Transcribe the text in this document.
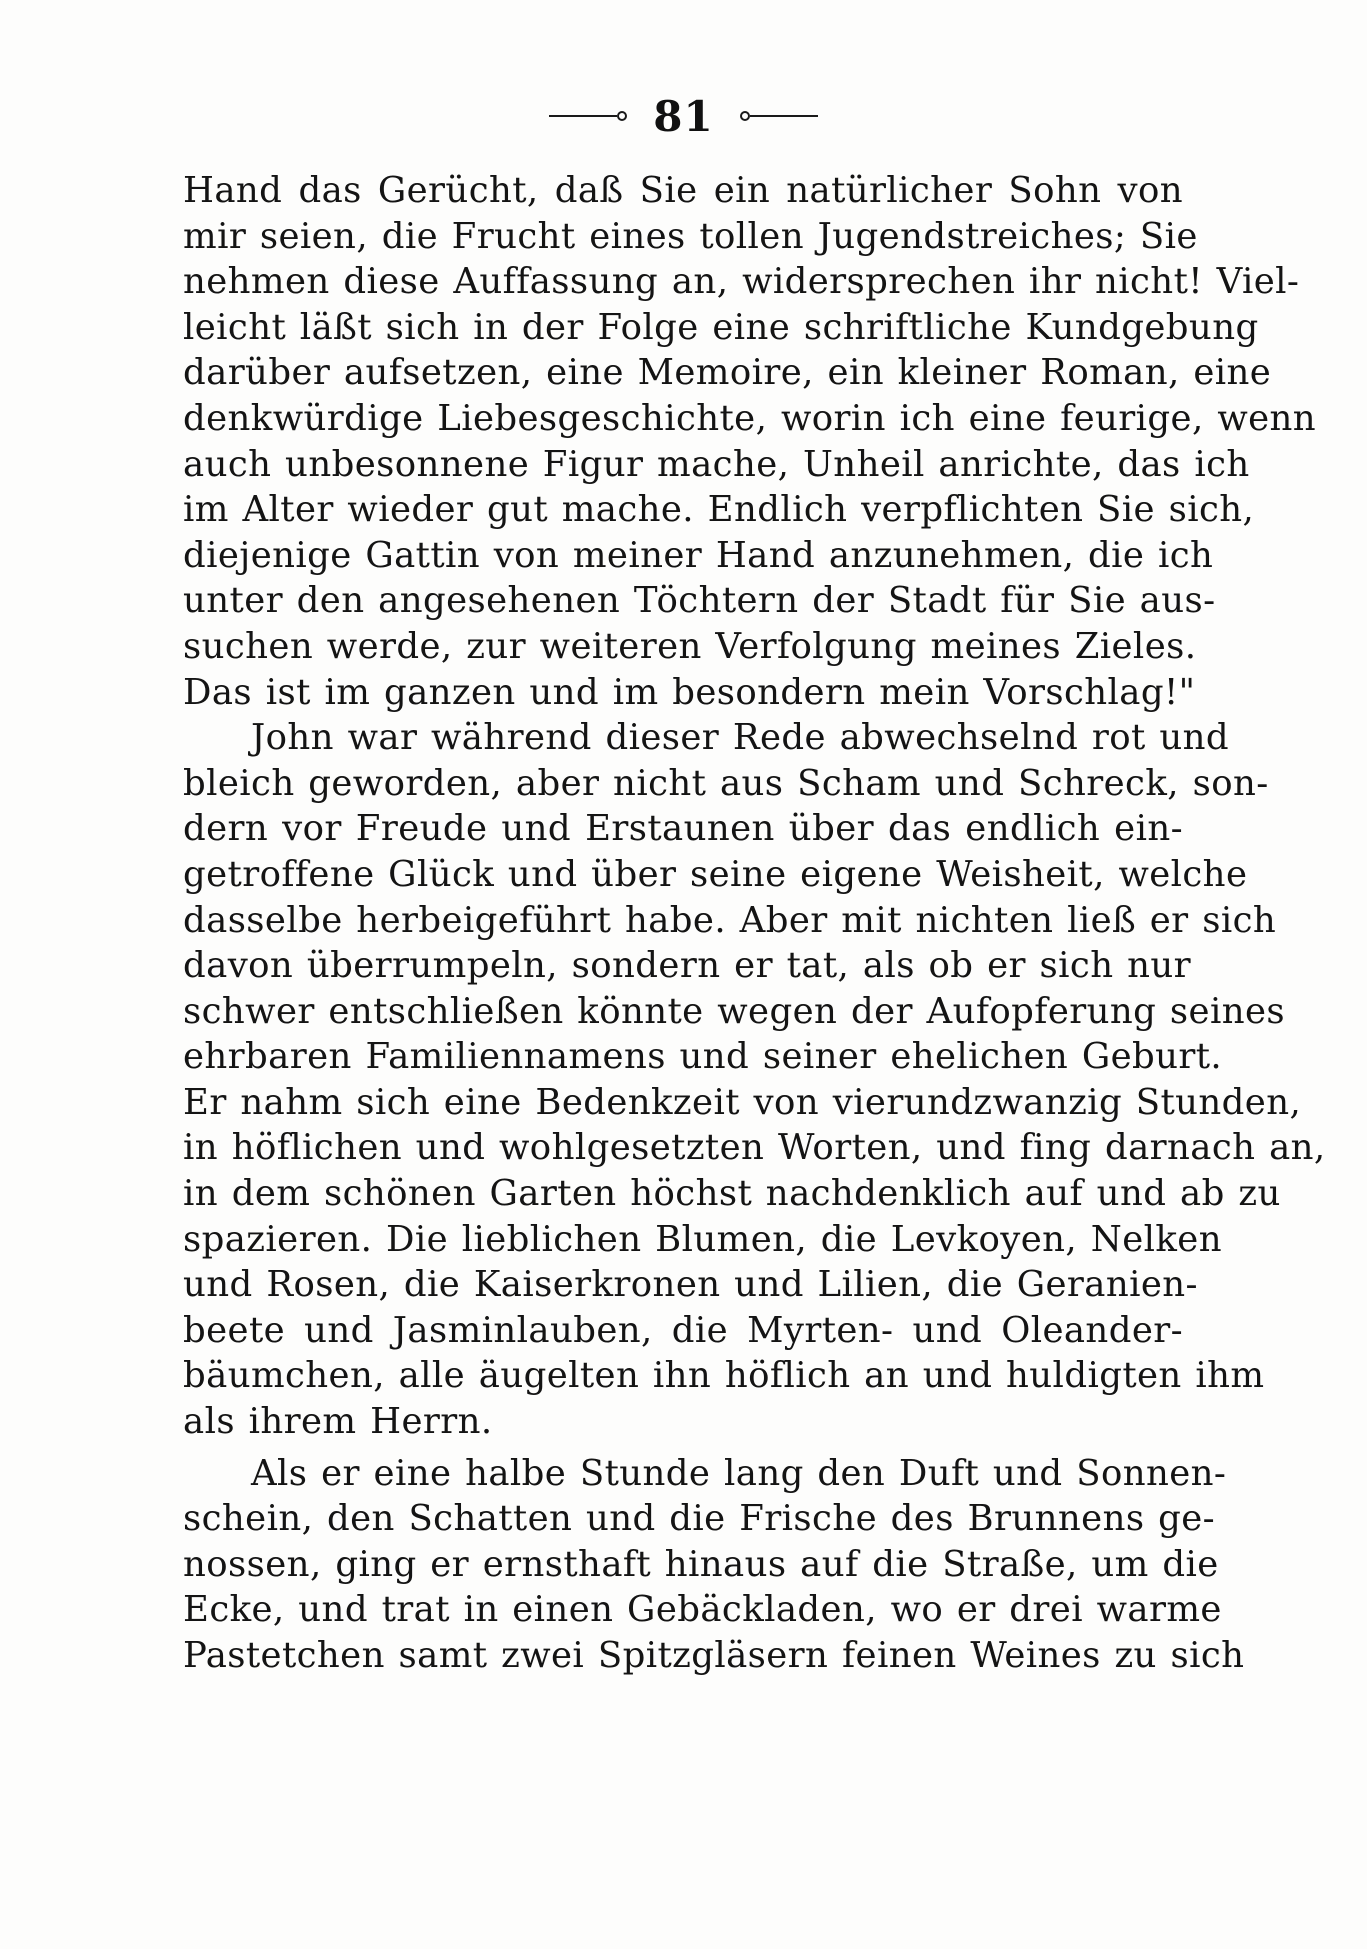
81
Hand das Gerücht, daß Sie ein natürlicher Sohn von
mir seien, die Frucht eines tollen Jugendstreiches; Sie
nehmen diese Auffassung an, widersprechen ihr nicht! Viel-
leicht läßt sich in der Folge eine schriftliche Kundgebung
darüber aufsetzen, eine Memoire, ein kleiner Roman, eine
denkwürdige Liebesgeschichte, worin ich eine feurige, wenn
auch unbesonnene Figur mache, Unheil anrichte, das ich
im Alter wieder gut mache. Endlich verpflichten Sie sich,
diejenige Gattin von meiner Hand anzunehmen, die ich
unter den angesehenen Töchtern der Stadt für Sie aus-
suchen werde, zur weiteren Verfolgung meines Zieles.
Das ist im ganzen und im besondern mein Vorschlag!"
John war während dieser Rede abwechselnd rot und
bleich geworden, aber nicht aus Scham und Schreck, son-
dern vor Freude und Erstaunen über das endlich ein-
getroffene Glück und über seine eigene Weisheit, welche
dasselbe herbeigeführt habe. Aber mit nichten ließ er sich
davon überrumpeln, sondern er tat, als ob er sich nur
schwer entschließen könnte wegen der Aufopferung seines
ehrbaren Familiennamens und seiner ehelichen Geburt.
Er nahm sich eine Bedenkzeit von vierundzwanzig Stunden,
in höflichen und wohlgesetzten Worten, und fing darnach an,
in dem schönen Garten höchst nachdenklich auf und ab zu
spazieren. Die lieblichen Blumen, die Levkoyen, Nelken
und Rosen, die Kaiserkronen und Lilien, die Geranien-
beete und Jasminlauben, die Myrten- und Oleander-
bäumchen, alle äugelten ihn höflich an und huldigten ihm
als ihrem Herrn.
Als er eine halbe Stunde lang den Duft und Sonnen-
schein, den Schatten und die Frische des Brunnens ge-
nossen, ging er ernsthaft hinaus auf die Straße, um die
Ecke, und trat in einen Gebäckladen, wo er drei warme
Pastetchen samt zwei Spitzgläsern feinen Weines zu sich
